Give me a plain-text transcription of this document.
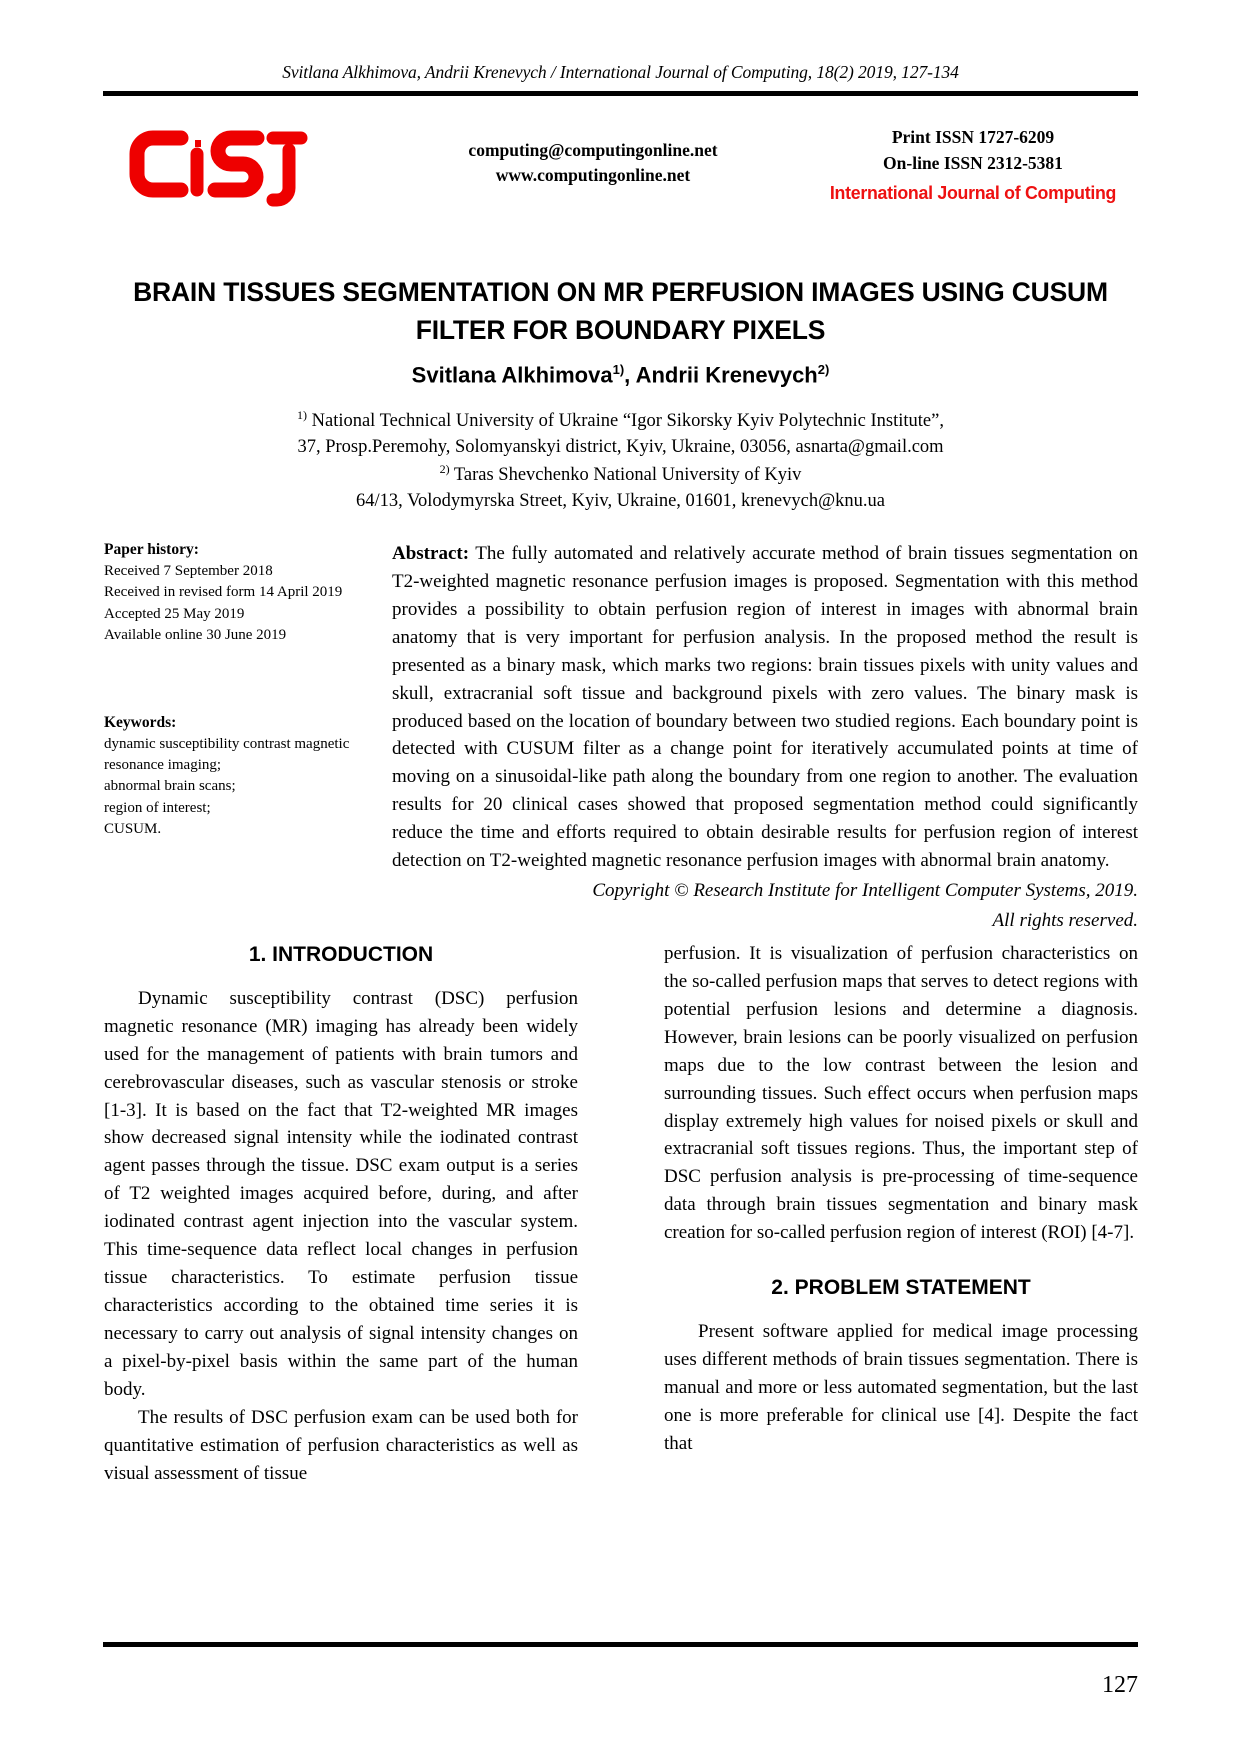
Svitlana Alkhimova, Andrii Krenevych / International Journal of Computing, 18(2) 2019, 127-134
computing@computingonline.net
www.computingonline.net
Print ISSN 1727-6209
On-line ISSN 2312-5381
International Journal of Computing
BRAIN TISSUES SEGMENTATION ON MR PERFUSION IMAGES USING CUSUM FILTER FOR BOUNDARY PIXELS
Svitlana Alkhimova$^{1)}$, Andrii Krenevych$^{2)}$
$^{1)}$ National Technical University of Ukraine “Igor Sikorsky Kyiv Polytechnic Institute”,
37, Prosp.Peremohy, Solomyanskyi district, Kyiv, Ukraine, 03056, asnarta@gmail.com
$^{2)}$ Taras Shevchenko National University of Kyiv
64/13, Volodymyrska Street, Kyiv, Ukraine, 01601, krenevych@knu.ua
Paper history:
Received 7 September 2018
Received in revised form 14 April 2019
Accepted 25 May 2019
Available online 30 June 2019
Keywords:
dynamic susceptibility contrast magnetic
resonance imaging;
abnormal brain scans;
region of interest;
CUSUM.

Abstract: The fully automated and relatively accurate method of brain tissues segmentation on T2-weighted magnetic resonance perfusion images is proposed. Segmentation with this method provides a possibility to obtain perfusion region of interest in images with abnormal brain anatomy that is very important for perfusion analysis. In the proposed method the result is presented as a binary mask, which marks two regions: brain tissues pixels with unity values and skull, extracranial soft tissue and background pixels with zero values. The binary mask is produced based on the location of boundary between two studied regions. Each boundary point is detected with CUSUM filter as a change point for iteratively accumulated points at time of moving on a sinusoidal-like path along the boundary from one region to another. The evaluation results for 20 clinical cases showed that proposed segmentation method could significantly reduce the time and efforts required to obtain desirable results for perfusion region of interest detection on T2-weighted magnetic resonance perfusion images with abnormal brain anatomy.

Copyright © Research Institute for Intelligent Computer Systems, 2019.
All rights reserved.
1. INTRODUCTION

Dynamic susceptibility contrast (DSC) perfusion magnetic resonance (MR) imaging has already been widely used for the management of patients with brain tumors and cerebrovascular diseases, such as vascular stenosis or stroke [1-3]. It is based on the fact that T2-weighted MR images show decreased signal intensity while the iodinated contrast agent passes through the tissue. DSC exam output is a series of T2 weighted images acquired before, during, and after iodinated contrast agent injection into the vascular system. This time-sequence data reflect local changes in perfusion tissue characteristics. To estimate perfusion tissue characteristics according to the obtained time series it is necessary to carry out analysis of signal intensity changes on a pixel-by-pixel basis within the same part of the human body.

The results of DSC perfusion exam can be used both for quantitative estimation of perfusion characteristics as well as visual assessment of tissue

perfusion. It is visualization of perfusion characteristics on the so-called perfusion maps that serves to detect regions with potential perfusion lesions and determine a diagnosis. However, brain lesions can be poorly visualized on perfusion maps due to the low contrast between the lesion and surrounding tissues. Such effect occurs when perfusion maps display extremely high values for noised pixels or skull and extracranial soft tissues regions. Thus, the important step of DSC perfusion analysis is pre-processing of time-sequence data through brain tissues segmentation and binary mask creation for so-called perfusion region of interest (ROI) [4-7].

2. PROBLEM STATEMENT

Present software applied for medical image processing uses different methods of brain tissues segmentation. There is manual and more or less automated segmentation, but the last one is more preferable for clinical use [4]. Despite the fact that

127
